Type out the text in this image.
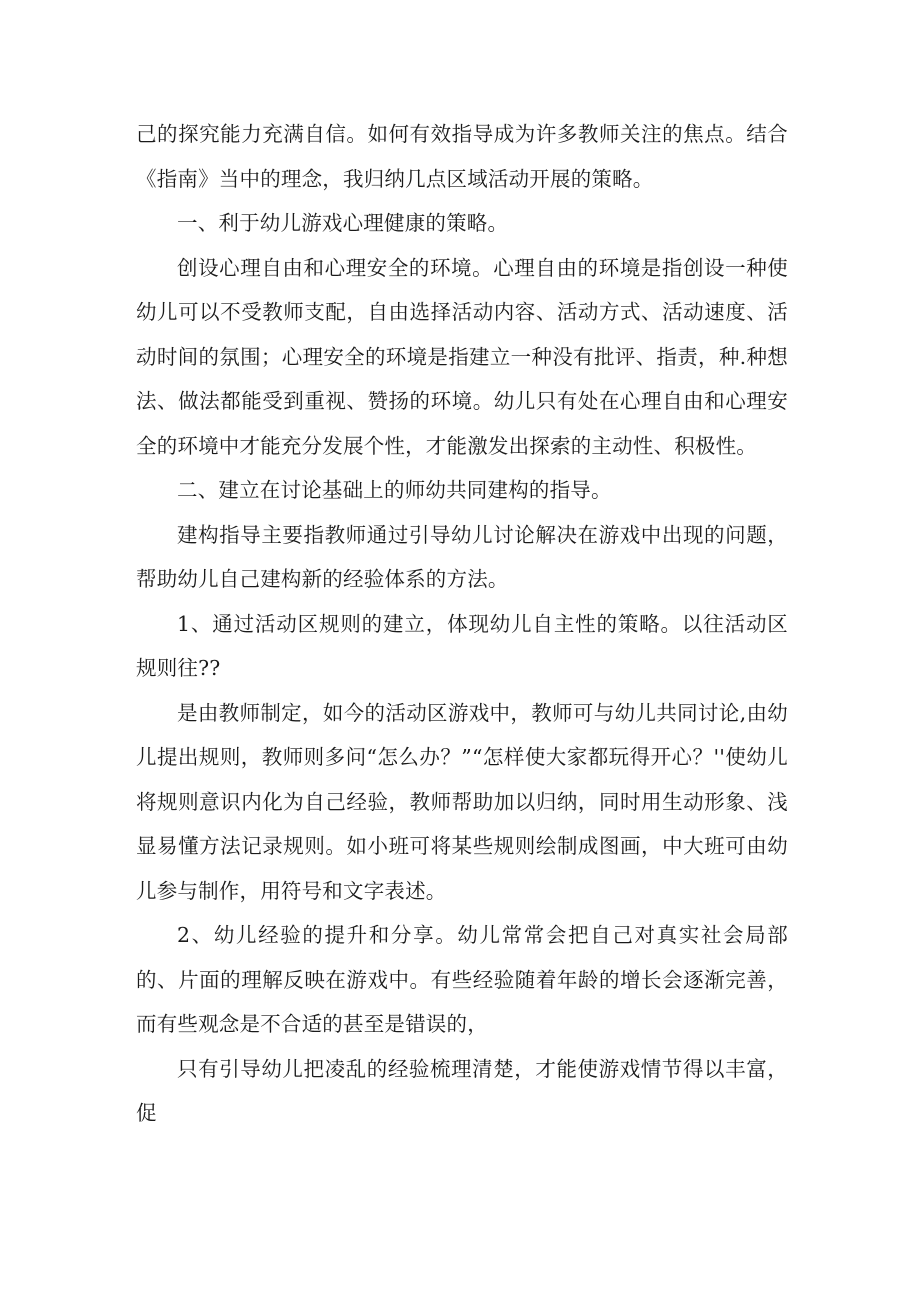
己的探究能力充满自信。如何有效指导成为许多教师关注的焦点。结合《指南》当中的理念，我归纳几点区域活动开展的策略。

一、利于幼儿游戏心理健康的策略。

创设心理自由和心理安全的环境。心理自由的环境是指创设一种使幼儿可以不受教师支配，自由选择活动内容、活动方式、活动速度、活动时间的氛围；心理安全的环境是指建立一种没有批评、指责，种.种想法、做法都能受到重视、赞扬的环境。幼儿只有处在心理自由和心理安全的环境中才能充分发展个性，才能激发出探索的主动性、积极性。

二、建立在讨论基础上的师幼共同建构的指导。

建构指导主要指教师通过引导幼儿讨论解决在游戏中出现的问题，帮助幼儿自己建构新的经验体系的方法。

1、通过活动区规则的建立，体现幼儿自主性的策略。以往活动区规则往??

是由教师制定，如今的活动区游戏中，教师可与幼儿共同讨论,由幼儿提出规则，教师则多问“怎么办？”“怎样使大家都玩得开心？''使幼儿将规则意识内化为自己经验，教师帮助加以归纳，同时用生动形象、浅显易懂方法记录规则。如小班可将某些规则绘制成图画，中大班可由幼儿参与制作，用符号和文字表述。

2、幼儿经验的提升和分享。幼儿常常会把自己对真实社会局部的、片面的理解反映在游戏中。有些经验随着年龄的增长会逐渐完善，而有些观念是不合适的甚至是错误的，

只有引导幼儿把凌乱的经验梳理清楚，才能使游戏情节得以丰富，促
